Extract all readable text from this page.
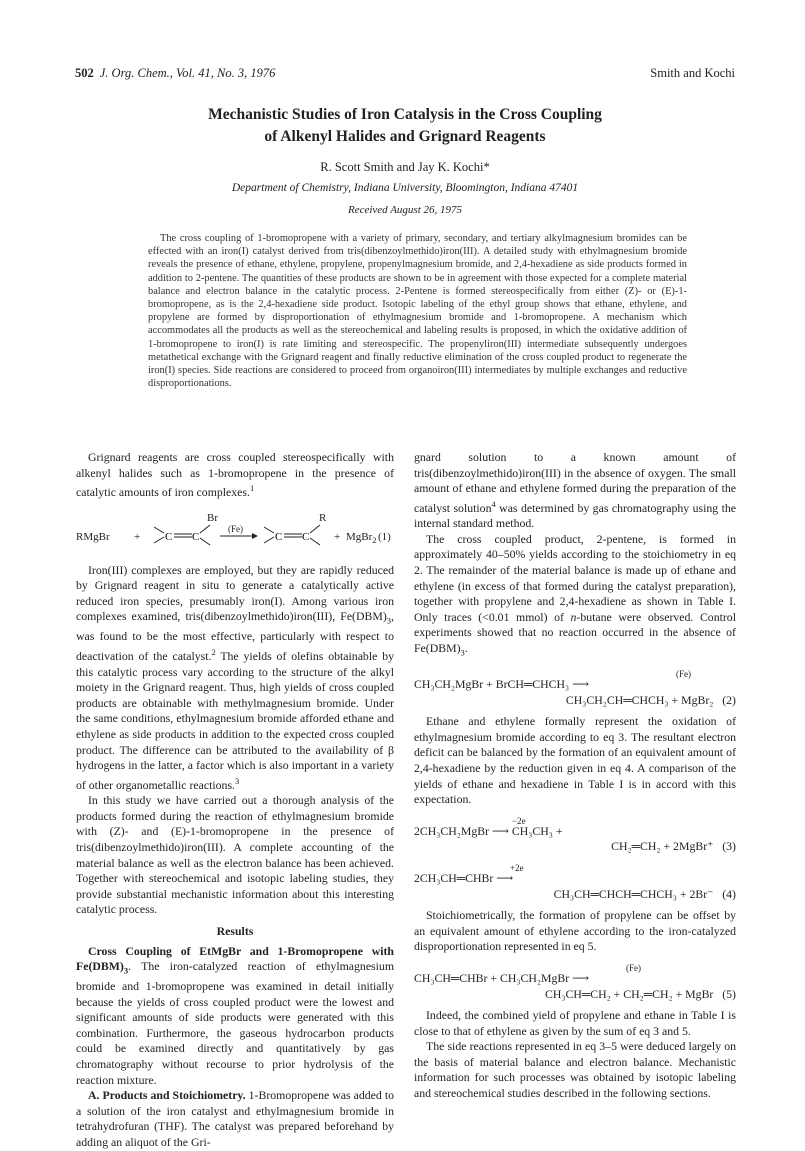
502 J. Org. Chem., Vol. 41, No. 3, 1976	Smith and Kochi
Mechanistic Studies of Iron Catalysis in the Cross Coupling
of Alkenyl Halides and Grignard Reagents
R. Scott Smith and Jay K. Kochi*
Department of Chemistry, Indiana University, Bloomington, Indiana 47401
Received August 26, 1975
The cross coupling of 1-bromopropene with a variety of primary, secondary, and tertiary alkylmagnesium bromides can be effected with an iron(I) catalyst derived from tris(dibenzoylmethido)iron(III). A detailed study with ethylmagnesium bromide reveals the presence of ethane, ethylene, propylene, propenylmagnesium bromide, and 2,4-hexadiene as side products formed in addition to 2-pentene. The quantities of these products are shown to be in agreement with those expected for a complete material balance and electron balance in the catalytic process. 2-Pentene is formed stereospecifically from either (Z)- or (E)-1-bromopropene, as is the 2,4-hexadiene side product. Isotopic labeling of the ethyl group shows that ethane, ethylene, and propylene are formed by disproportionation of ethylmagnesium bromide and 1-bromopropene. A mechanism which accommodates all the products as well as the stereochemical and labeling results is proposed, in which the oxidative addition of 1-bromopropene to iron(I) is rate limiting and stereospecific. The propenyliron(III) intermediate subsequently undergoes metathetical exchange with the Grignard reagent and finally reductive elimination of the cross coupled product to regenerate the iron(I) species. Side reactions are considered to proceed from organoiron(III) intermediates by multiple exchanges and reductive disproportionations.

Grignard reagents are cross coupled stereospecifically with alkenyl halides such as 1-bromopropene in the presence of catalytic amounts of iron complexes.$^1$

C C	C C
RMgBr +
Br
(Fe)
R
+ MgBr$_2$ (1)

Iron(III) complexes are employed, but they are rapidly reduced by Grignard reagent in situ to generate a catalytically active reduced iron species, presumably iron(I). Among various iron complexes examined, tris(dibenzoylmethido)iron(III), $Fe(DBM)_3$, was found to be the most effective, particularly with respect to deactivation of the catalyst.$^2$ The yields of olefins obtainable by this catalytic process vary according to the structure of the alkyl moiety in the Grignard reagent. Thus, high yields of cross coupled products are obtainable with methylmagnesium bromide. Under the same conditions, ethylmagnesium bromide afforded ethane and ethylene as side products in addition to the expected cross coupled product. The difference can be attributed to the availability of β hydrogens in the latter, a factor which is also important in a variety of other organometallic reactions.$^3$

In this study we have carried out a thorough analysis of the products formed during the reaction of ethylmagnesium bromide with (Z)- and (E)-1-bromopropene in the presence of tris(dibenzoylmethido)iron(III). A complete accounting of the material balance as well as the electron balance has been achieved. Together with stereochemical and isotopic labeling studies, they provide substantial mechanistic information about this interesting catalytic process.

Results

Cross Coupling of EtMgBr and 1-Bromopropene with $Fe(DBM)_3$. The iron-catalyzed reaction of ethylmagnesium bromide and 1-bromopropene was examined in detail initially because the yields of cross coupled product were the lowest and significant amounts of side products were generated with this combination. Furthermore, the gaseous hydrocarbon products could be examined directly and quantitatively by gas chromatography without recourse to prior hydrolysis of the reaction mixture.

A. Products and Stoichiometry. 1-Bromopropene was added to a solution of the iron catalyst and ethylmagnesium bromide in tetrahydrofuran (THF). The catalyst was prepared beforehand by adding an aliquot of the Gri-

gnard solution to a known amount of tris(dibenzoylmethido)iron(III) in the absence of oxygen. The small amount of ethane and ethylene formed during the preparation of the catalyst solution$^4$ was determined by gas chromatography using the internal standard method.

The cross coupled product, 2-pentene, is formed in approximately 40–50% yields according to the stoichiometry in eq 2. The remainder of the material balance is made up of ethane and ethylene (in excess of that formed during the catalyst preparation), together with propylene and 2,4-hexadiene as shown in Table I. Only traces (<0.01 mmol) of n-butane were observed. Control experiments showed that no reaction occurred in the absence of $Fe(DBM)_3$.

(Fe)
CH₃CH₂MgBr + BrCH═CHCH₃ ⟶
CH₃CH₂CH═CHCH₃ + MgBr₂ (2)

Ethane and ethylene formally represent the oxidation of ethylmagnesium bromide according to eq 3. The resultant electron deficit can be balanced by the formation of an equivalent amount of 2,4-hexadiene by the reduction given in eq 4. A comparison of the yields of ethane and hexadiene in Table I is in accord with this expectation.

−2e
2CH₃CH₂MgBr ⟶ CH₃CH₃ +
CH₂═CH₂ + 2MgBr⁺ (3)
+2e
2CH₃CH═CHBr ⟶
CH₃CH═CHCH═CHCH₃ + 2Br⁻ (4)

Stoichiometrically, the formation of propylene can be offset by an equivalent amount of ethylene according to the iron-catalyzed disproportionation represented in eq 5.

(Fe)
CH₃CH═CHBr + CH₃CH₂MgBr ⟶
CH₃CH═CH₂ + CH₂═CH₂ + MgBr (5)

Indeed, the combined yield of propylene and ethane in Table I is close to that of ethylene as given by the sum of eq 3 and 5.

The side reactions represented in eq 3–5 were deduced largely on the basis of material balance and electron balance. Mechanistic information for such processes was obtained by isotopic labeling and stereochemical studies described in the following sections.
